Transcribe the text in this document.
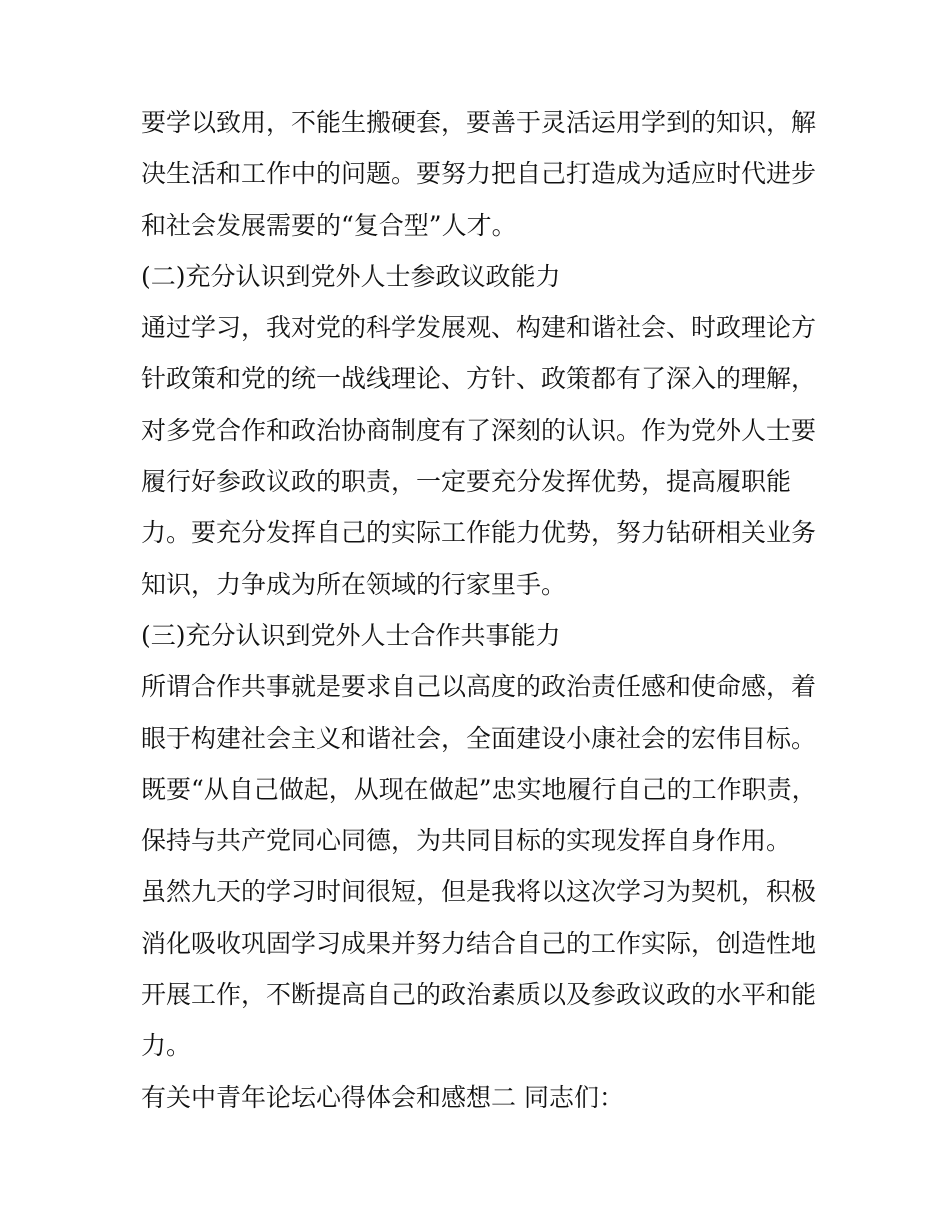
要学以致用，不能生搬硬套，要善于灵活运用学到的知识，解
决生活和工作中的问题。要努力把自己打造成为适应时代进步
和社会发展需要的“复合型”人才。
(二)充分认识到党外人士参政议政能力
通过学习，我对党的科学发展观、构建和谐社会、时政理论方
针政策和党的统一战线理论、方针、政策都有了深入的理解，
对多党合作和政治协商制度有了深刻的认识。作为党外人士要
履行好参政议政的职责，一定要充分发挥优势，提高履职能
力。要充分发挥自己的实际工作能力优势，努力钻研相关业务
知识，力争成为所在领域的行家里手。
(三)充分认识到党外人士合作共事能力
所谓合作共事就是要求自己以高度的政治责任感和使命感，着
眼于构建社会主义和谐社会，全面建设小康社会的宏伟目标。
既要“从自己做起，从现在做起”忠实地履行自己的工作职责，
保持与共产党同心同德，为共同目标的实现发挥自身作用。
虽然九天的学习时间很短，但是我将以这次学习为契机，积极
消化吸收巩固学习成果并努力结合自己的工作实际，创造性地
开展工作，不断提高自己的政治素质以及参政议政的水平和能
力。
有关中青年论坛心得体会和感想二 同志们：
